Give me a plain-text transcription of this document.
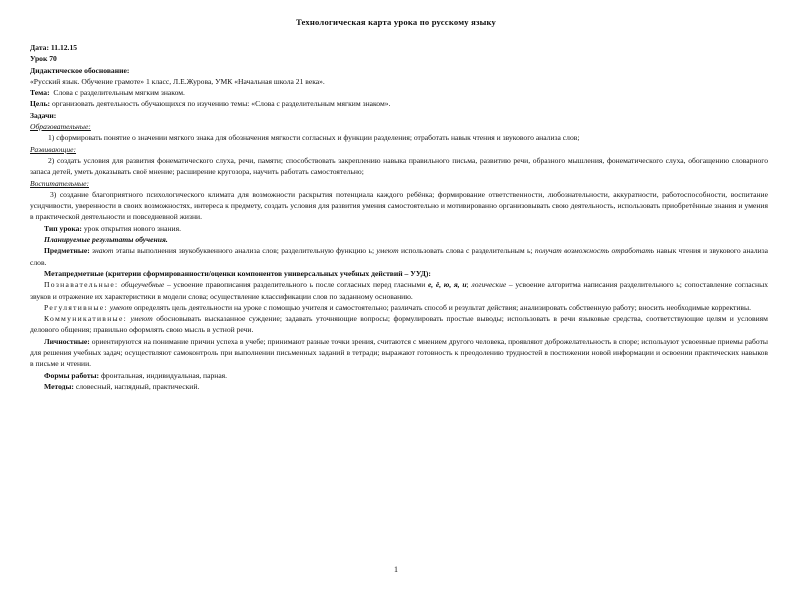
Технологическая карта урока по русскому языку

Дата: 11.12.15

Урок 70

Дидактическое обоснование:

«Русский язык. Обучение грамоте» 1 класс, Л.Е.Журова, УМК «Начальная школа 21 века».

Тема: Слова с разделительным мягким знаком.

Цель: организовать деятельность обучающихся по изучению темы: «Слова с разделительным мягким знаком».

Задачи:

Образовательные:

1) сформировать понятие о значении мягкого знака для обозначения мягкости согласных и функции разделения; отработать навык чтения и звукового анализа слов;

Развивающие:

2) создать условия для развития фонематического слуха, речи, памяти; способствовать закреплению навыка правильного письма, развитию речи, образного мышления, фонематического слуха, обогащению словарного запаса детей, уметь доказывать своё мнение; расширение кругозора, научить работать самостоятельно;

Воспитательные:

3) создание благоприятного психологического климата для возможности раскрытия потенциала каждого ребёнка; формирование ответственности, любознательности, аккуратности, работоспособности, воспитание усидчивости, уверенности в своих возможностях, интереса к предмету, создать условия для развития умения самостоятельно и мотивированно организовывать свою деятельность, использовать приобретённые знания и умения в практической деятельности и повседневной жизни.

Тип урока: урок открытия нового знания.

Планируемые результаты обучения.

Предметные: знают этапы выполнения звукобуквенного анализа слов; разделительную функцию ь; умеют использовать слова с разделительным ь; получат возможность отработать навык чтения и звукового анализа слов.

Метапредметные (критерии сформированности/оценки компонентов универсальных учебных действий – УУД):

Познавательные: общеучебные – усвоение правописания разделительного ь после согласных перед гласными е, ё, ю, я, и; логические – усвоение алгоритма написания разделительного ь; сопоставление согласных звуков и отражение их характеристики в модели слова; осуществление классификации слов по заданному основанию.

Регулятивные: умеют определять цель деятельности на уроке с помощью учителя и самостоятельно; различать способ и результат действия; анализировать собственную работу; вносить необходимые коррективы.

Коммуникативные: умеют обосновывать высказанное суждение; задавать уточняющие вопросы; формулировать простые выводы; использовать в речи языковые средства, соответствующие целям и условиям делового общения; правильно оформлять свою мысль в устной речи.

Личностные: ориентируются на понимание причин успеха в учебе; принимают разные точки зрения, считаются с мнением другого человека, проявляют доброжелательность в споре; используют усвоенные приемы работы для решения учебных задач; осуществляют самоконтроль при выполнении письменных заданий в тетради; выражают готовность к преодолению трудностей в постижении новой информации и освоении практических навыков в письме и чтении.

Формы работы: фронтальная, индивидуальная, парная.

Методы: словесный, наглядный, практический.

1
